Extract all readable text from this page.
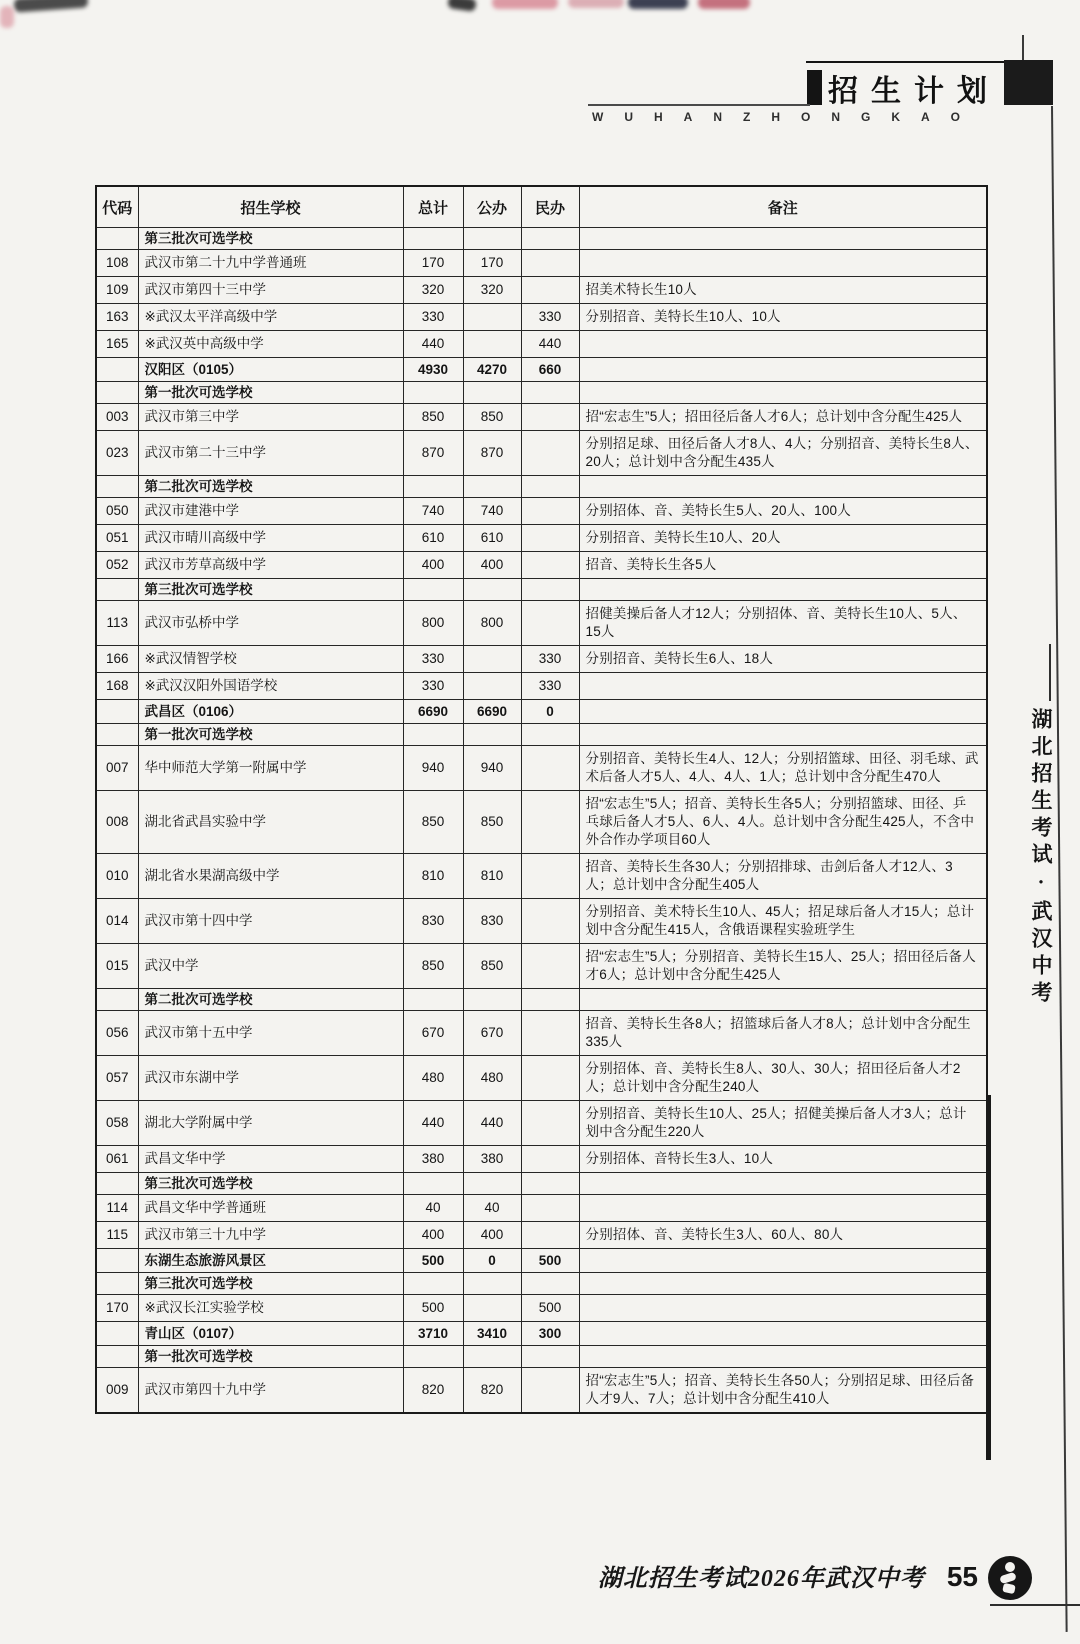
招生计划
WUHANZHONGKAO
代码	招生学校	总计	公办	民办	备注
	第三批次可选学校				
108	武汉市第二十九中学普通班	170	170		
109	武汉市第四十三中学	320	320		招美术特长生10人
163	※武汉太平洋高级中学	330		330	分别招音、美特长生10人、10人
165	※武汉英中高级中学	440		440	
	汉阳区（0105）	4930	4270	660	
	第一批次可选学校				
003	武汉市第三中学	850	850		招“宏志生”5人；招田径后备人才6人；总计划中含分配生425人
023	武汉市第二十三中学	870	870		分别招足球、田径后备人才8人、4人；分别招音、美特长生8人、20人；总计划中含分配生435人
	第二批次可选学校				
050	武汉市建港中学	740	740		分别招体、音、美特长生5人、20人、100人
051	武汉市晴川高级中学	610	610		分别招音、美特长生10人、20人
052	武汉市芳草高级中学	400	400		招音、美特长生各5人
	第三批次可选学校				
113	武汉市弘桥中学	800	800		招健美操后备人才12人；分别招体、音、美特长生10人、5人、15人
166	※武汉情智学校	330		330	分别招音、美特长生6人、18人
168	※武汉汉阳外国语学校	330		330	
	武昌区（0106）	6690	6690	0	
	第一批次可选学校				
007	华中师范大学第一附属中学	940	940		分别招音、美特长生4人、12人；分别招篮球、田径、羽毛球、武术后备人才5人、4人、4人、1人；总计划中含分配生470人
008	湖北省武昌实验中学	850	850		招“宏志生”5人；招音、美特长生各5人；分别招篮球、田径、乒乓球后备人才5人、6人、4人。总计划中含分配生425人，不含中外合作办学项目60人
010	湖北省水果湖高级中学	810	810		招音、美特长生各30人；分别招排球、击剑后备人才12人、3人；总计划中含分配生405人
014	武汉市第十四中学	830	830		分别招音、美术特长生10人、45人；招足球后备人才15人；总计划中含分配生415人，含俄语课程实验班学生
015	武汉中学	850	850		招“宏志生”5人；分别招音、美特长生15人、25人；招田径后备人才6人；总计划中含分配生425人
	第二批次可选学校				
056	武汉市第十五中学	670	670		招音、美特长生各8人；招篮球后备人才8人；总计划中含分配生335人
057	武汉市东湖中学	480	480		分别招体、音、美特长生8人、30人、30人；招田径后备人才2人；总计划中含分配生240人
058	湖北大学附属中学	440	440		分别招音、美特长生10人、25人；招健美操后备人才3人；总计划中含分配生220人
061	武昌文华中学	380	380		分别招体、音特长生3人、10人
	第三批次可选学校				
114	武昌文华中学普通班	40	40		
115	武汉市第三十九中学	400	400		分别招体、音、美特长生3人、60人、80人
	东湖生态旅游风景区	500	0	500	
	第三批次可选学校				
170	※武汉长江实验学校	500		500	
	青山区（0107）	3710	3410	300	
	第一批次可选学校				
009	武汉市第四十九中学	820	820		招“宏志生”5人；招音、美特长生各50人；分别招足球、田径后备人才9人、7人；总计划中含分配生410人
湖北招生考试·武汉中考
湖北招生考试2026年武汉中考 55
